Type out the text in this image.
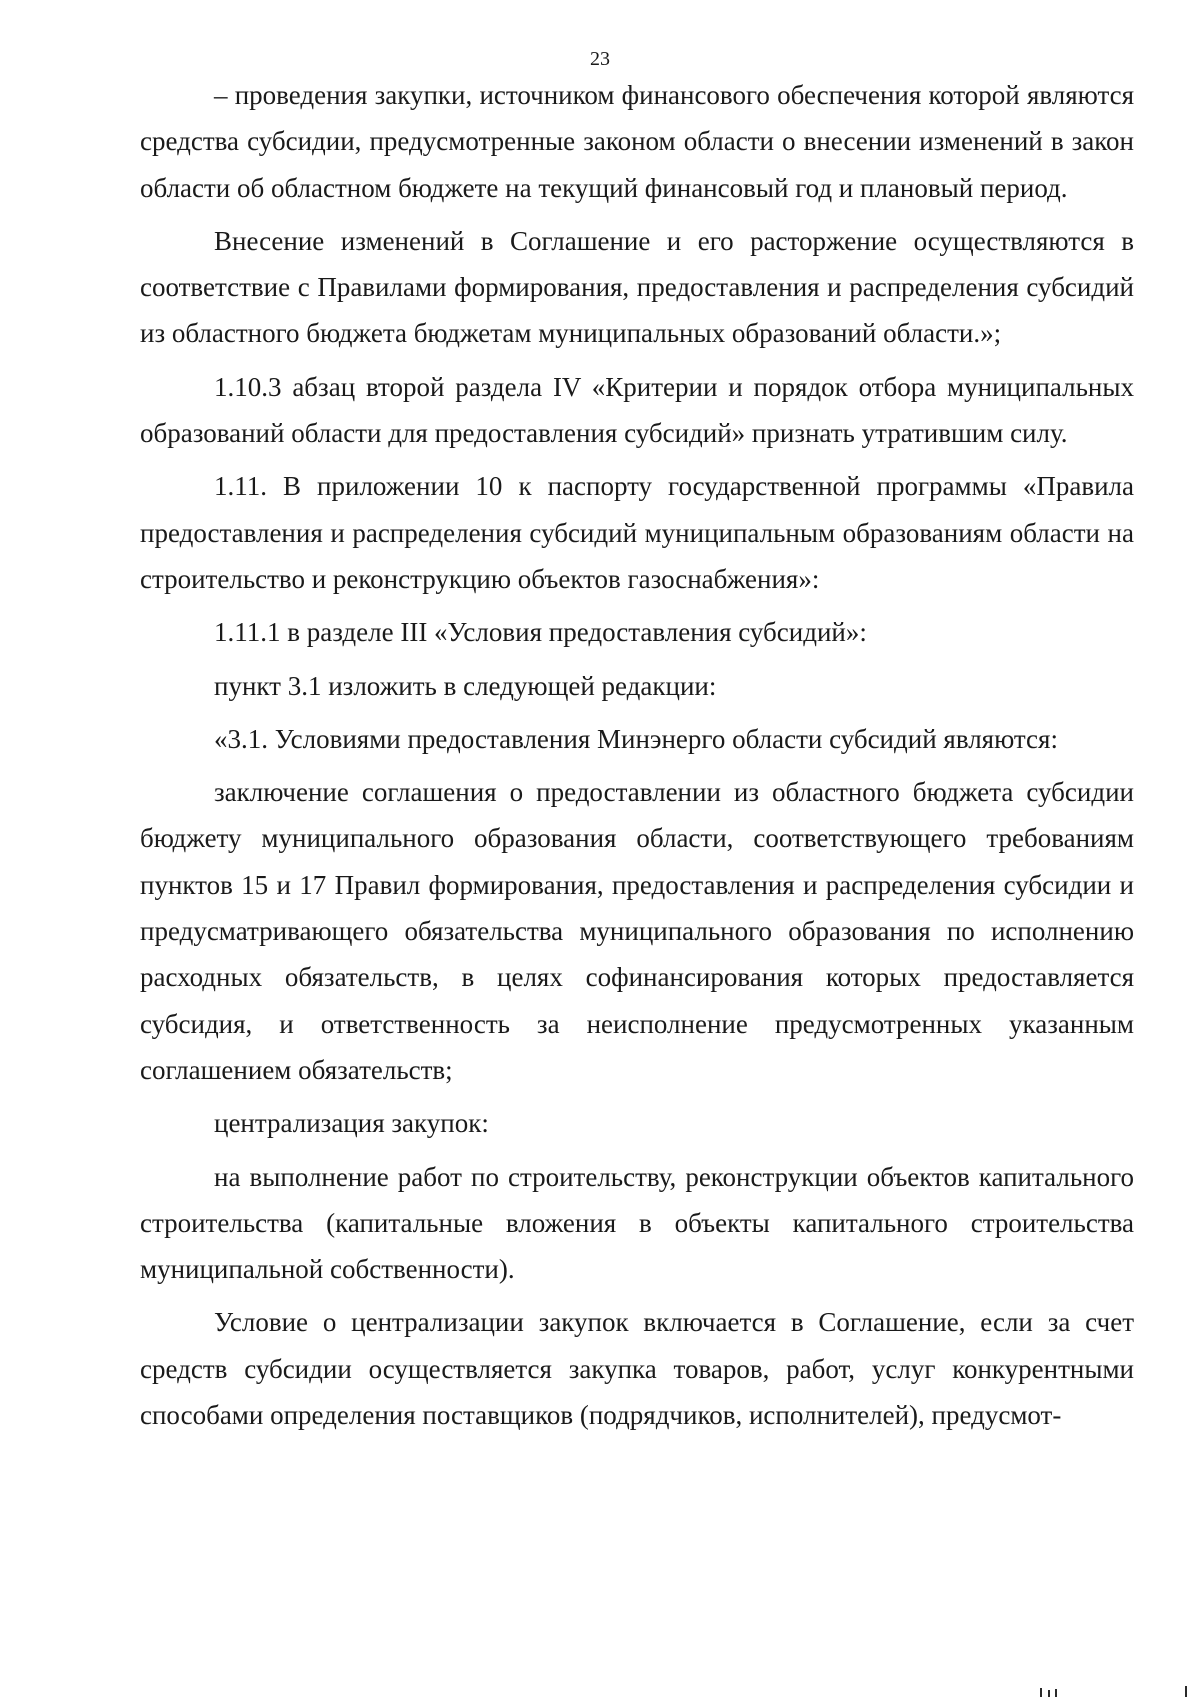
23

– проведения закупки, источником финансового обеспечения которой являются средства субсидии, предусмотренные законом области о внесении изменений в закон области об областном бюджете на текущий финансовый год и плановый период.

Внесение изменений в Соглашение и его расторжение осуществляются в соответствие с Правилами формирования, предоставления и распределения субсидий из областного бюджета бюджетам муниципальных образований области.»;

1.10.3 абзац второй раздела IV «Критерии и порядок отбора муниципальных образований области для предоставления субсидий» признать утратившим силу.

1.11. В приложении 10 к паспорту государственной программы «Правила предоставления и распределения субсидий муниципальным образованиям области на строительство и реконструкцию объектов газоснабжения»:

1.11.1 в разделе III «Условия предоставления субсидий»:

пункт 3.1 изложить в следующей редакции:

«3.1. Условиями предоставления Минэнерго области субсидий являются:

заключение соглашения о предоставлении из областного бюджета субсидии бюджету муниципального образования области, соответствующего требованиям пунктов 15 и 17 Правил формирования, предоставления и распределения субсидии и предусматривающего обязательства муниципального образования по исполнению расходных обязательств, в целях софинансирования которых предоставляется субсидия, и ответственность за неисполнение предусмотренных указанным соглашением обязательств;

централизация закупок:

на выполнение работ по строительству, реконструкции объектов капитального строительства (капитальные вложения в объекты капитального строительства муниципальной собственности).

Условие о централизации закупок включается в Соглашение, если за счет средств субсидии осуществляется закупка товаров, работ, услуг конкурентными способами определения поставщиков (подрядчиков, исполнителей), предусмот-
